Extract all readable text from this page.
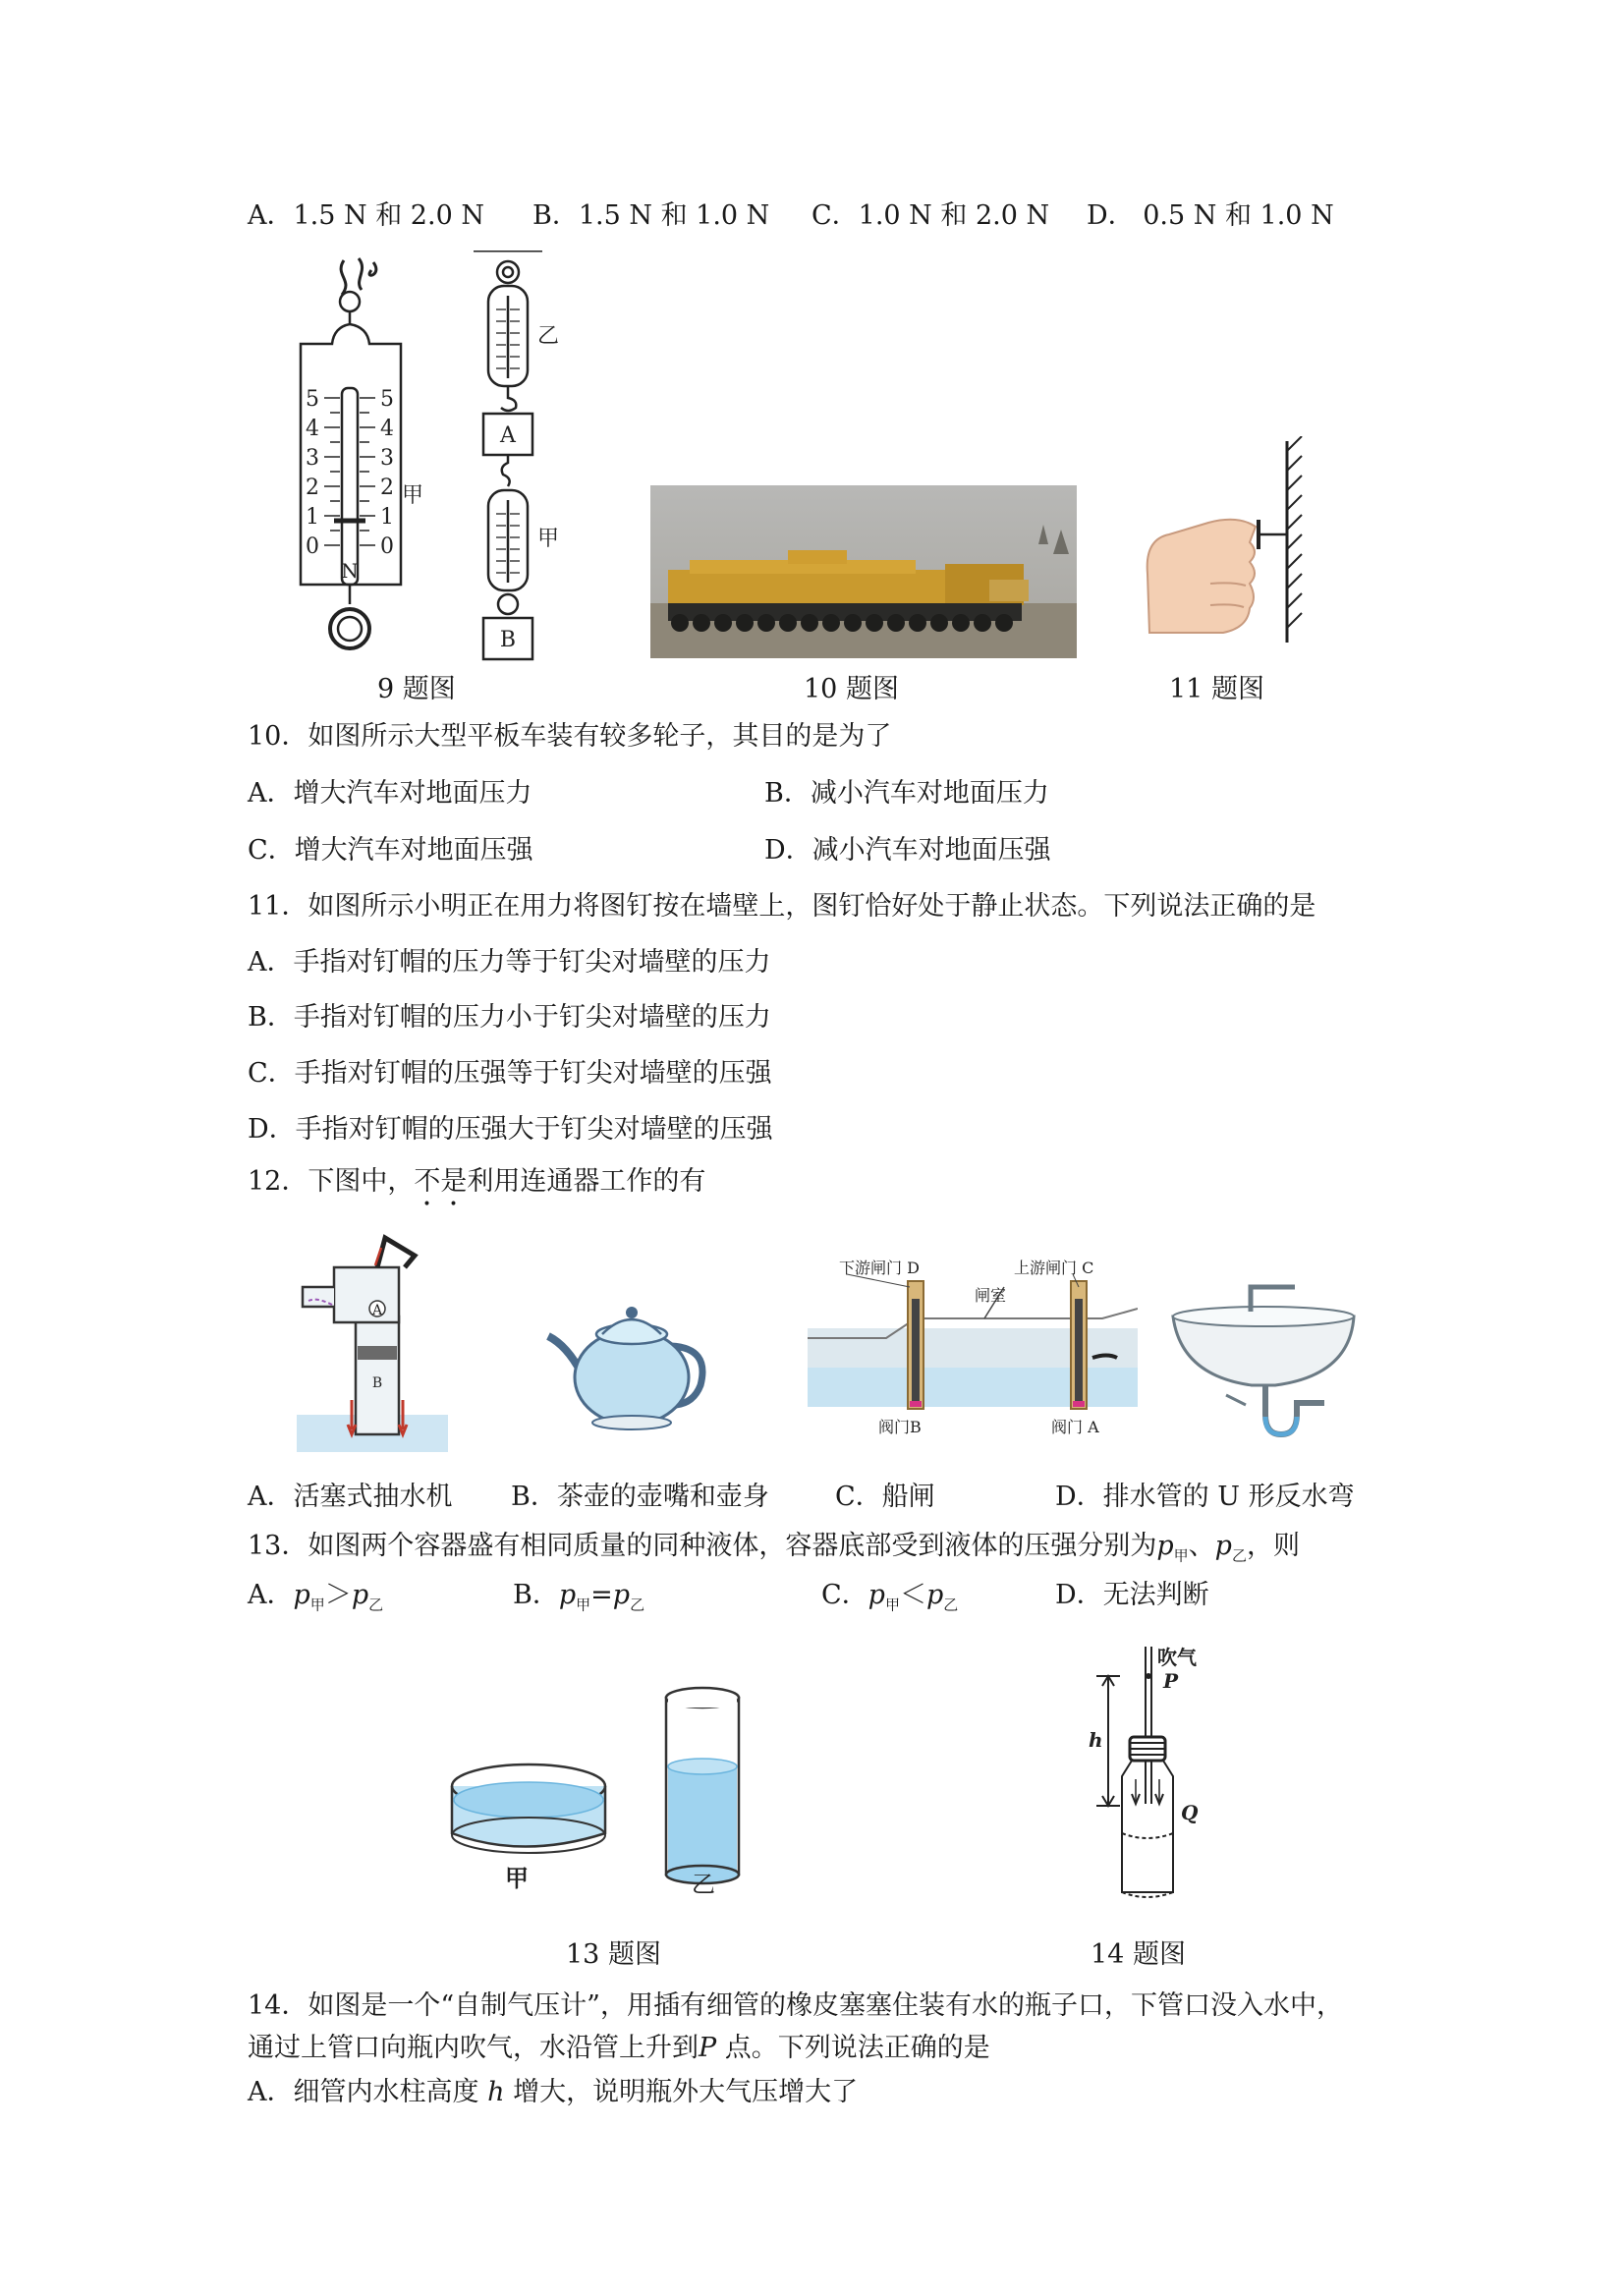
A．1.5 N 和 2.0 N B．1.5 N 和 1.0 N C．1.0 N 和 2.0 N D． 0.5 N 和 1.0 N
5
4
3
2
1
0
5
4
3
2
1
0
N
甲
乙
A
甲
B
9 题图	10 题图	11 题图
10．如图所示大型平板车装有较多轮子，其目的是为了
A．增大汽车对地面压力	B．减小汽车对地面压力
C．增大汽车对地面压强	D．减小汽车对地面压强
11．如图所示小明正在用力将图钉按在墙壁上，图钉恰好处于静止状态。下列说法正确的是
A．手指对钉帽的压力等于钉尖对墙壁的压力
B．手指对钉帽的压力小于钉尖对墙壁的压力
C．手指对钉帽的压强等于钉尖对墙壁的压强
D．手指对钉帽的压强大于钉尖对墙壁的压强
12．下图中，不是利用连通器工作的有
A
B
下游闸门 D	上游闸门 C
闸室
阀门B	阀门 A
A．活塞式抽水机 B．茶壶的壶嘴和壶身 C．船闸	D．排水管的 U 形反水弯
13．如图两个容器盛有相同质量的同种液体，容器底部受到液体的压强分别为$p_甲$、$p_乙$，则
A．$p_甲>p_乙$	B．$p_甲=p_乙$	C．$p_甲<p_乙$	D．无法判断
甲	乙
吹气
P
h
Q
13 题图	14 题图
14．如图是一个“自制气压计”，用插有细管的橡皮塞塞住装有水的瓶子口，下管口没入水中，
通过上管口向瓶内吹气，水沿管上升到P 点。下列说法正确的是
A．细管内水柱高度 h 增大，说明瓶外大气压增大了
